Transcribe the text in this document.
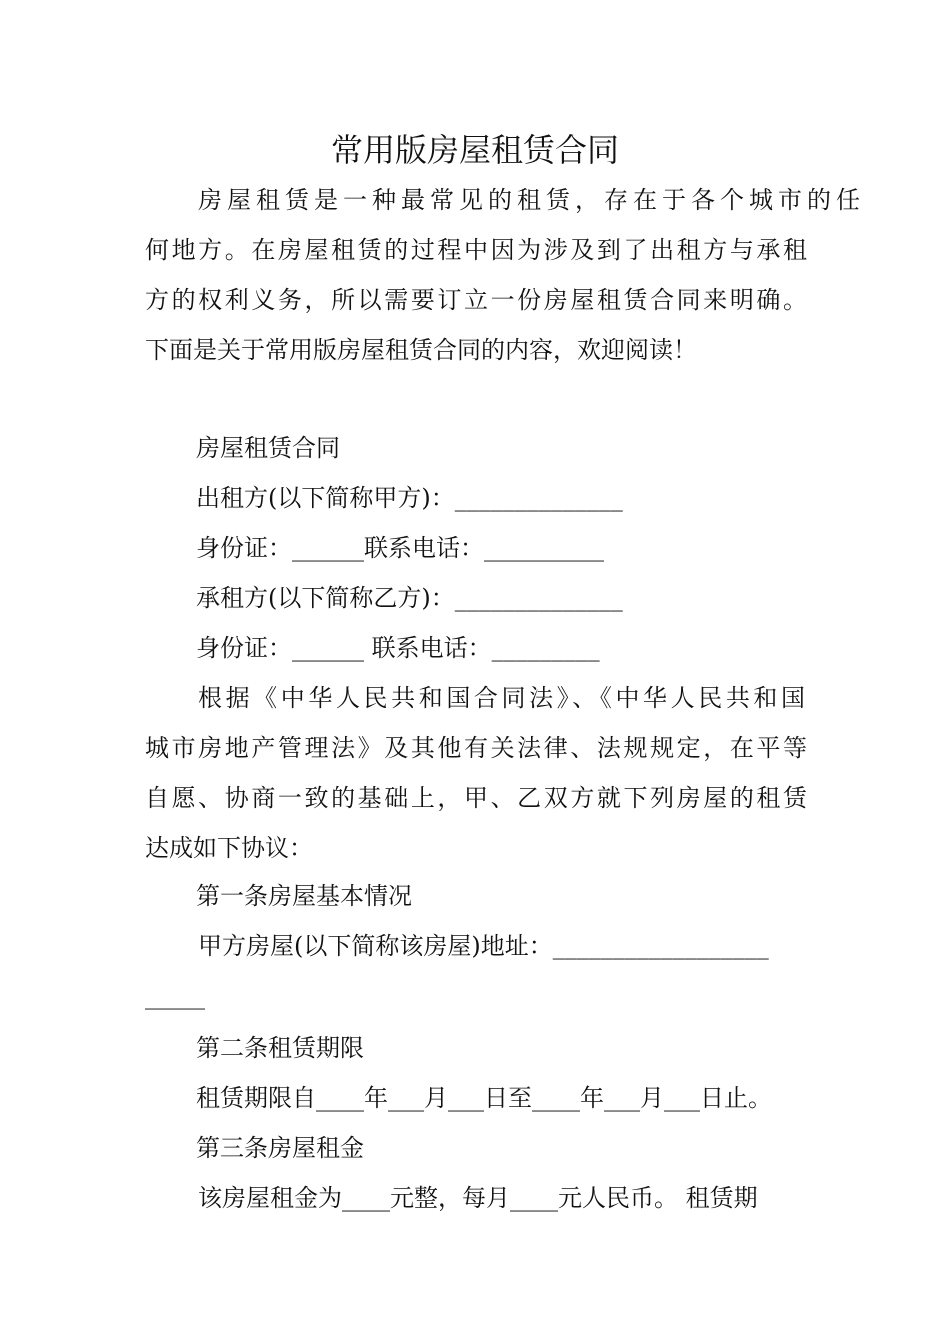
常用版房屋租赁合同
房屋租赁是一种最常见的租赁，存在于各个城市的任
何地方。在房屋租赁的过程中因为涉及到了出租方与承租
方的权利义务，所以需要订立一份房屋租赁合同来明确。
下面是关于常用版房屋租赁合同的内容，欢迎阅读！
房屋租赁合同
出租方(以下简称甲方)：______________
身份证：______联系电话：__________
承租方(以下简称乙方)：______________
身份证：______ 联系电话：_________
根据《中华人民共和国合同法》、《中华人民共和国
城市房地产管理法》及其他有关法律、法规规定，在平等
自愿、协商一致的基础上，甲、乙双方就下列房屋的租赁
达成如下协议：
第一条房屋基本情况
甲方房屋(以下简称该房屋)地址：__________________
_____
第二条租赁期限
租赁期限自____年___月___日至____年___月___日止。
第三条房屋租金
该房屋租金为____元整，每月____元人民币。 租赁期
